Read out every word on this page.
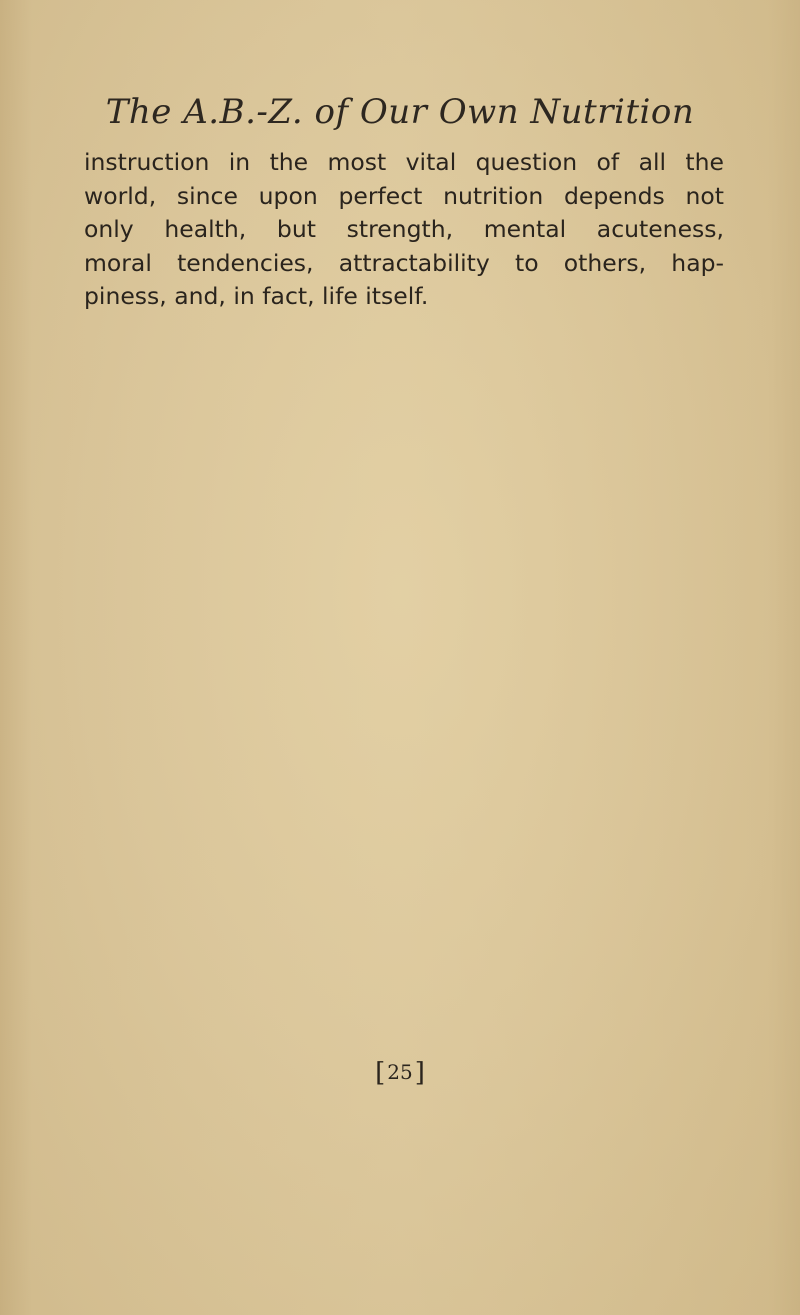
The A.B.-Z. of Our Own Nutrition
instruction in the most vital question of all the
world, since upon perfect nutrition depends not
only health, but strength, mental acuteness,
moral tendencies, attractability to others, hap-
piness, and, in fact, life itself.
[ 25]
